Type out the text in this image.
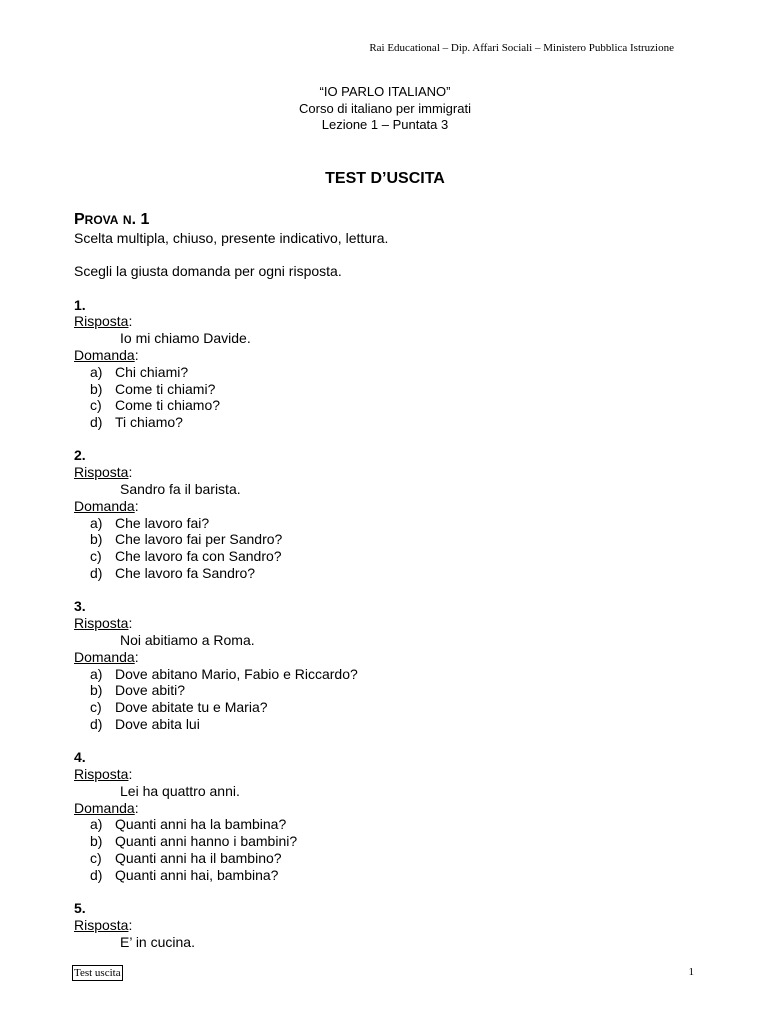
Rai Educational – Dip. Affari Sociali – Ministero Pubblica Istruzione
“IO PARLO ITALIANO”
Corso di italiano per immigrati
Lezione 1 – Puntata 3
TEST D’USCITA

PROVA N. 1

Scelta multipla, chiuso, presente indicativo, lettura.

Scegli la giusta domanda per ogni risposta.

1.

Risposta:

Io mi chiamo Davide.

Domanda:

a) Chi chiami?
b) Come ti chiami?
c) Come ti chiamo?
d) Ti chiamo?

2.

Risposta:

Sandro fa il barista.

Domanda:

a) Che lavoro fai?
b) Che lavoro fai per Sandro?
c) Che lavoro fa con Sandro?
d) Che lavoro fa Sandro?

3.

Risposta:

Noi abitiamo a Roma.

Domanda:

a) Dove abitano Mario, Fabio e Riccardo?
b) Dove abiti?
c) Dove abitate tu e Maria?
d) Dove abita lui

4.

Risposta:

Lei ha quattro anni.

Domanda:

a) Quanti anni ha la bambina?
b) Quanti anni hanno i bambini?
c) Quanti anni ha il bambino?
d) Quanti anni hai, bambina?

5.

Risposta:

E’ in cucina.

Test uscita	1
